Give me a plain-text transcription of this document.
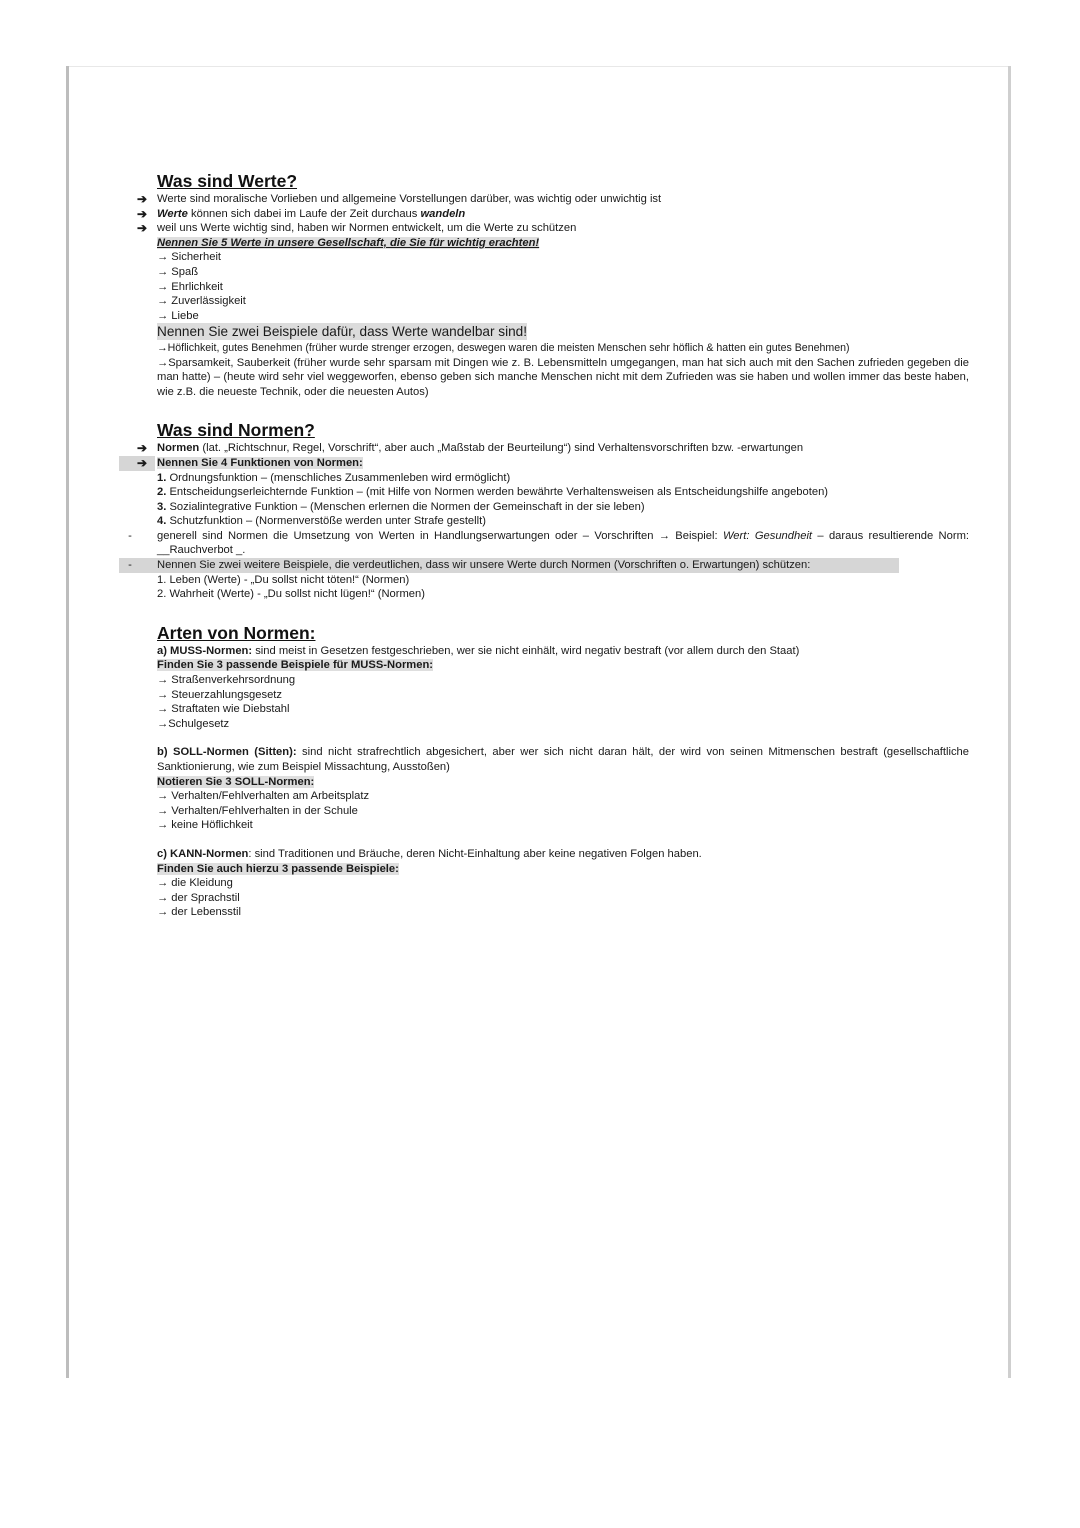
Was sind Werte?
➔ Werte sind moralische Vorlieben und allgemeine Vorstellungen darüber, was wichtig oder unwichtig ist
➔ Werte können sich dabei im Laufe der Zeit durchaus wandeln
➔ weil uns Werte wichtig sind, haben wir Normen entwickelt, um die Werte zu schützen
Nennen Sie 5 Werte in unsere Gesellschaft, die Sie für wichtig erachten!
→ Sicherheit
→ Spaß
→ Ehrlichkeit
→ Zuverlässigkeit
→ Liebe
Nennen Sie zwei Beispiele dafür, dass Werte wandelbar sind!
→Höflichkeit, gutes Benehmen (früher wurde strenger erzogen, deswegen waren die meisten Menschen sehr höflich & hatten ein gutes Benehmen)
→Sparsamkeit, Sauberkeit (früher wurde sehr sparsam mit Dingen wie z. B. Lebensmitteln umgegangen, man hat sich auch mit den Sachen zufrieden gegeben die man hatte) – (heute wird sehr viel weggeworfen, ebenso geben sich manche Menschen nicht mit dem Zufrieden was sie haben und wollen immer das beste haben, wie z.B. die neueste Technik, oder die neuesten Autos)
Was sind Normen?
➔ Normen (lat. „Richtschnur, Regel, Vorschrift“, aber auch „Maßstab der Beurteilung“) sind Verhaltensvorschriften bzw. -erwartungen
➔ Nennen Sie 4 Funktionen von Normen:
1. Ordnungsfunktion – (menschliches Zusammenleben wird ermöglicht)
2. Entscheidungserleichternde Funktion – (mit Hilfe von Normen werden bewährte Verhaltensweisen als Entscheidungshilfe angeboten)
3. Sozialintegrative Funktion – (Menschen erlernen die Normen der Gemeinschaft in der sie leben)
4. Schutzfunktion – (Normenverstöße werden unter Strafe gestellt)
-	generell sind Normen die Umsetzung von Werten in Handlungserwartungen oder – Vorschriften → Beispiel: Wert: Gesundheit – daraus resultierende Norm: __Rauchverbot _.
-	Nennen Sie zwei weitere Beispiele, die verdeutlichen, dass wir unsere Werte durch Normen (Vorschriften o. Erwartungen) schützen:
1. Leben (Werte) - „Du sollst nicht töten!“ (Normen)
2. Wahrheit (Werte) - „Du sollst nicht lügen!“ (Normen)
Arten von Normen:
a) MUSS-Normen: sind meist in Gesetzen festgeschrieben, wer sie nicht einhält, wird negativ bestraft (vor allem durch den Staat)
Finden Sie 3 passende Beispiele für MUSS-Normen:
→ Straßenverkehrsordnung
→ Steuerzahlungsgesetz
→ Straftaten wie Diebstahl
→Schulgesetz
b) SOLL-Normen (Sitten): sind nicht strafrechtlich abgesichert, aber wer sich nicht daran hält, der wird von seinen Mitmenschen bestraft (gesellschaftliche Sanktionierung, wie zum Beispiel Missachtung, Ausstoßen)
Notieren Sie 3 SOLL-Normen:
→ Verhalten/Fehlverhalten am Arbeitsplatz
→ Verhalten/Fehlverhalten in der Schule
→ keine Höflichkeit
c) KANN-Normen: sind Traditionen und Bräuche, deren Nicht-Einhaltung aber keine negativen Folgen haben.
Finden Sie auch hierzu 3 passende Beispiele:
→ die Kleidung
→ der Sprachstil
→ der Lebensstil
